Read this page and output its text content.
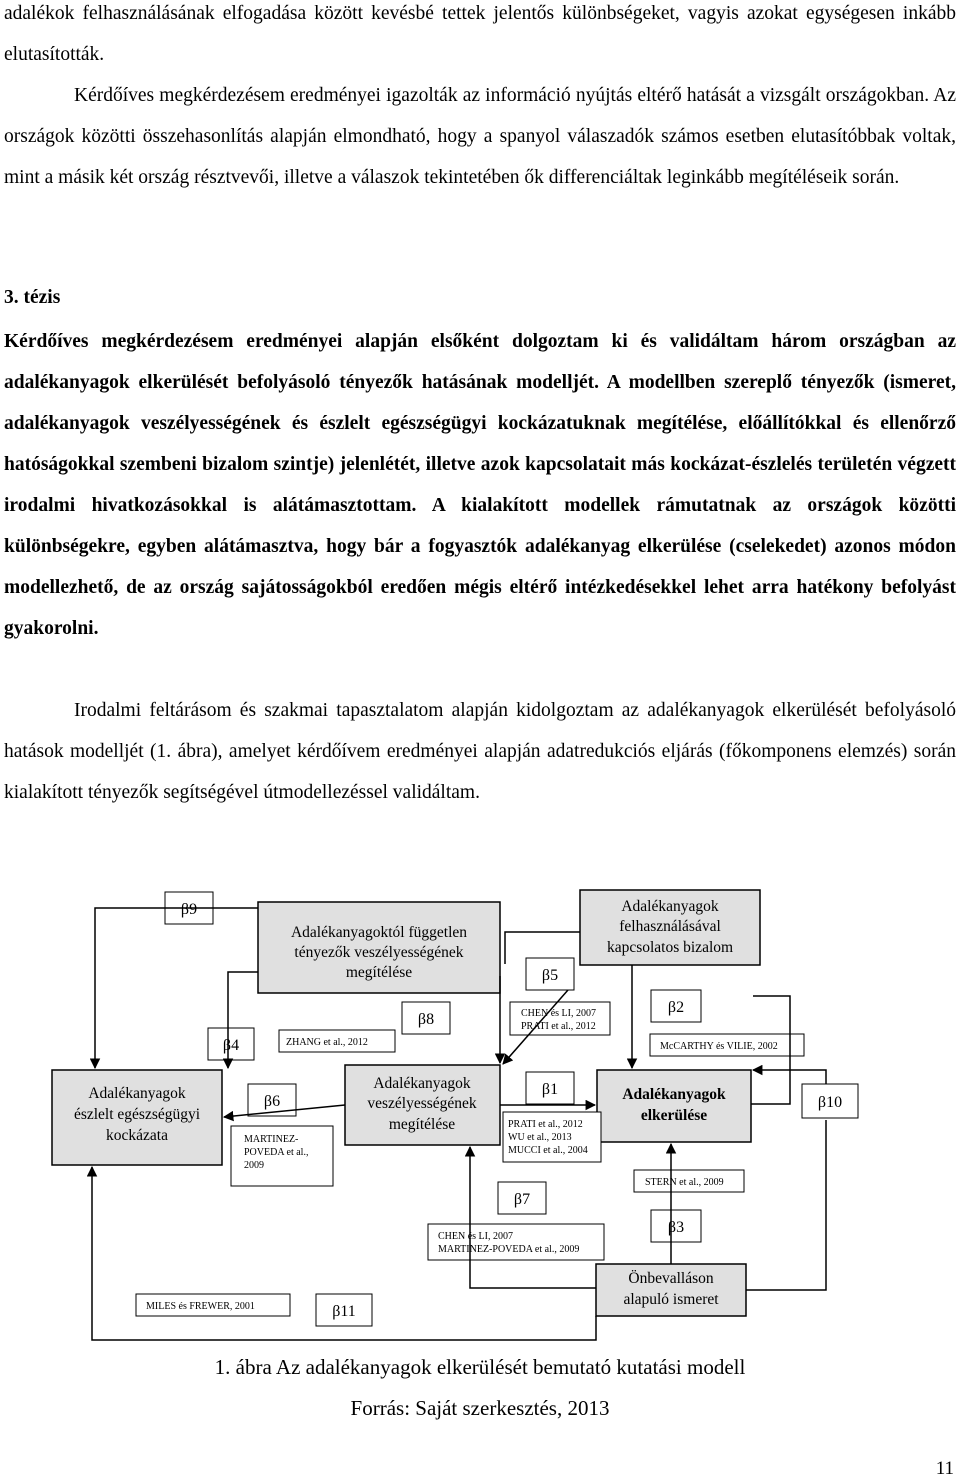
adalékok felhasználásának elfogadása között kevésbé tettek jelentős különbségeket, vagyis azokat egységesen inkább elutasították.

Kérdőíves megkérdezésem eredményei igazolták az információ nyújtás eltérő hatását a vizsgált országokban. Az országok közötti összehasonlítás alapján elmondható, hogy a spanyol válaszadók számos esetben elutasítóbbak voltak, mint a másik két ország résztvevői, illetve a válaszok tekintetében ők differenciáltak leginkább megítéléseik során.

3. tézis

Kérdőíves megkérdezésem eredményei alapján elsőként dolgoztam ki és validáltam három országban az adalékanyagok elkerülését befolyásoló tényezők hatásának modelljét. A modellben szereplő tényezők (ismeret, adalékanyagok veszélyességének és észlelt egészségügyi kockázatuknak megítélése, előállítókkal és ellenőrző hatóságokkal szembeni bizalom szintje) jelenlétét, illetve azok kapcsolatait más kockázat-észlelés területén végzett irodalmi hivatkozásokkal is alátámasztottam. A kialakított modellek rámutatnak az országok közötti különbségekre, egyben alátámasztva, hogy bár a fogyasztók adalékanyag elkerülése (cselekedet) azonos módon modellezhető, de az ország sajátosságokból eredően mégis eltérő intézkedésekkel lehet arra hatékony befolyást gyakorolni.

Irodalmi feltárásom és szakmai tapasztalatom alapján kidolgoztam az adalékanyagok elkerülését befolyásoló hatások modelljét (1. ábra), amelyet kérdőívem eredményei alapján adatredukciós eljárás (főkomponens elemzés) során kialakított tényezők segítségével útmodellezéssel validáltam.

Adalékanyagoktól független
tényezők veszélyességének
megítélése
Adalékanyagok
felhasználásával
kapcsolatos bizalom
Adalékanyagok
észlelt egészségügyi
kockázata
Adalékanyagok
veszélyességének
megítélése
Adalékanyagok
elkerülése
Önbevalláson
alapuló ismeret
β9
β4
β8
β5
β2
β6
β1
β10
β7
β3
β11
ZHANG et al., 2012
CHEN és LI, 2007
PRATI et al., 2012
McCARTHY és VILIE, 2002
MARTINEZ-
POVEDA et al.,
2009
PRATI et al., 2012
WU et al., 2013
MUCCI et al., 2004
STERN et al., 2009
CHEN és LI, 2007
MARTINEZ-POVEDA et al., 2009
MILES és FREWER, 2001

1. ábra Az adalékanyagok elkerülését bemutató kutatási modell

Forrás: Saját szerkesztés, 2013

11
